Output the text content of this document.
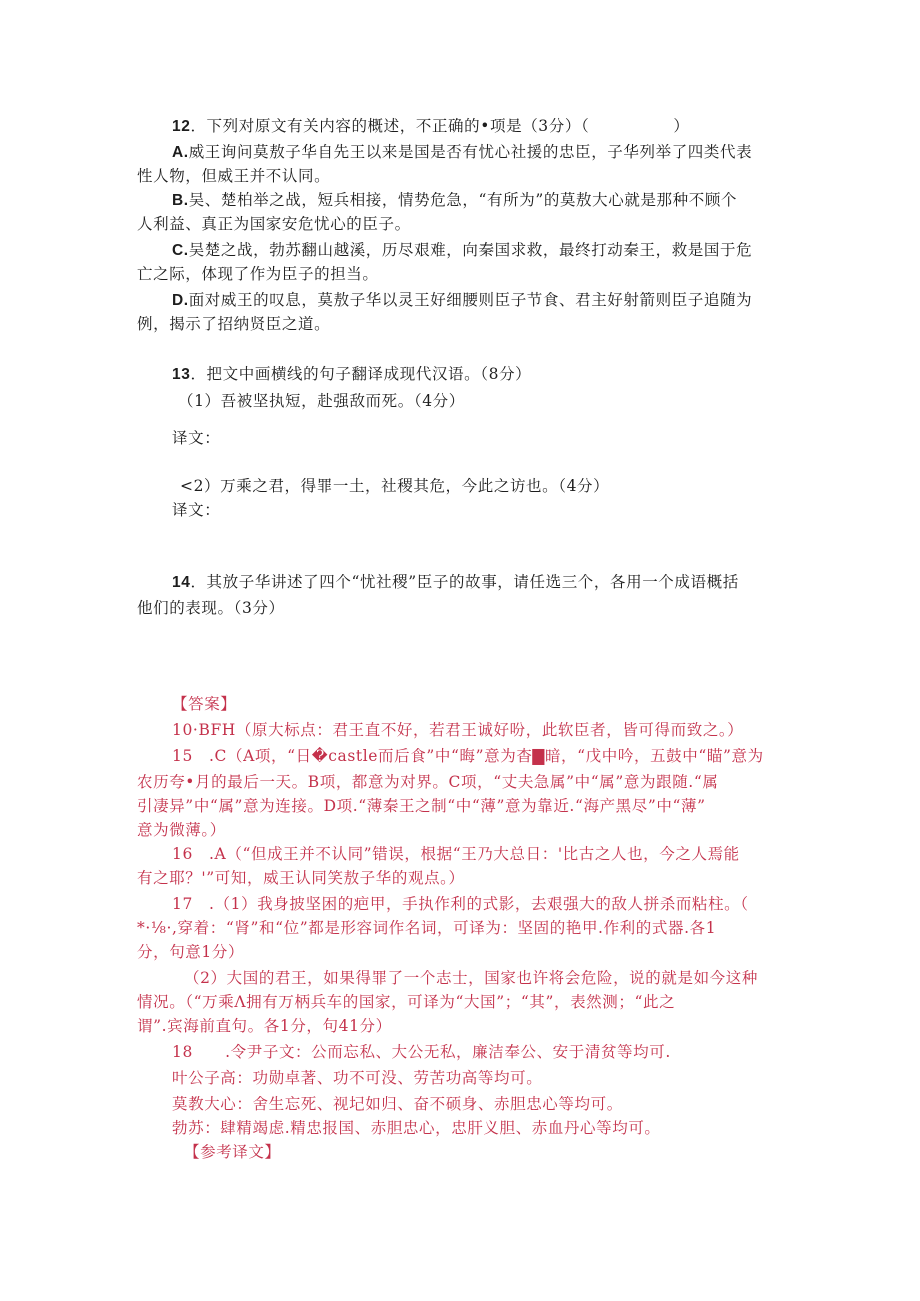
12．下列对原文有关内容的概述，不正确的•项是（3分）（	）
A.威王询问莫敖子华自先王以来是国是否有忧心社援的忠臣，子华列举了四类代表
性人物，但威王并不认同。
B.吴、楚柏举之战，短兵相接，情势危急，“有所为”的莫敖大心就是那种不顾个
人利益、真正为国家安危忧心的臣子。
C.吴楚之战，勃苏翻山越溪，历尽艰难，向秦国求救，最终打动秦王，救是国于危
亡之际，体现了作为臣子的担当。
D.面对威王的叹息，莫敖子华以灵王好细腰则臣子节食、君主好射箭则臣子追随为
例，揭示了招纳贤臣之道。
13．把文中画横线的句子翻译成现代汉语。（8分）
（1）吾被坚执短，赴强敌而死。（4分）
译文：
<2）万乘之君，得罪一土，社稷其危，今此之访也。（4分）
译文：
14．其放子华讲述了四个“忧社稷”臣子的故事，请任选三个，各用一个成语概括
他们的表现。（3分）
【答案】
10·BFH（原大标点：君王直不好，若君王诚好吩，此软臣者，皆可得而致之。）
15　.C（A项，“日�castle而后食”中“晦”意为杳▇暗，“戊中吟，五鼓中“瞄”意为
农历夸•月的最后一天。B项，都意为对界。C项，“丈夫急属”中“属”意为跟随.“属
引凄异”中“属”意为连接。D项.“薄秦王之制“中“薄”意为靠近.“海产黑尽”中“薄”
意为微薄。）
16　.A（“但成王并不认同”错误，根据“王乃大总日：'比古之人也，今之人焉能
有之耶？'”可知，威王认同笑敖子华的观点。）
17　.（1）我身披坚困的疤甲，手执作利的式影，去艰强大的敌人拼杀而粘柱。（
*·⅛·,穿着：“肾”和“位”都是形容词作名词，可译为：坚固的艳甲.作利的式器.各1
分，句意1分）
（2）大国的君王，如果得罪了一个志士，国家也许将会危险，说的就是如今这种
情况。（“万乘Λ拥有万柄兵车的国家，可译为“大国”；“其”，表然测；“此之
谓”.宾海前直句。各1分，句41分）
18　　.令尹子文：公而忘私、大公无私，廉洁奉公、安于清贫等均可.
叶公子高：功勋卓著、功不可没、劳苦功高等均可。
莫教大心：舍生忘死、视圮如归、奋不硕身、赤胆忠心等均可。
勃苏：肆精竭虑.精忠报国、赤胆忠心，忠肝义胆、赤血丹心等均可。
【参考译文】
